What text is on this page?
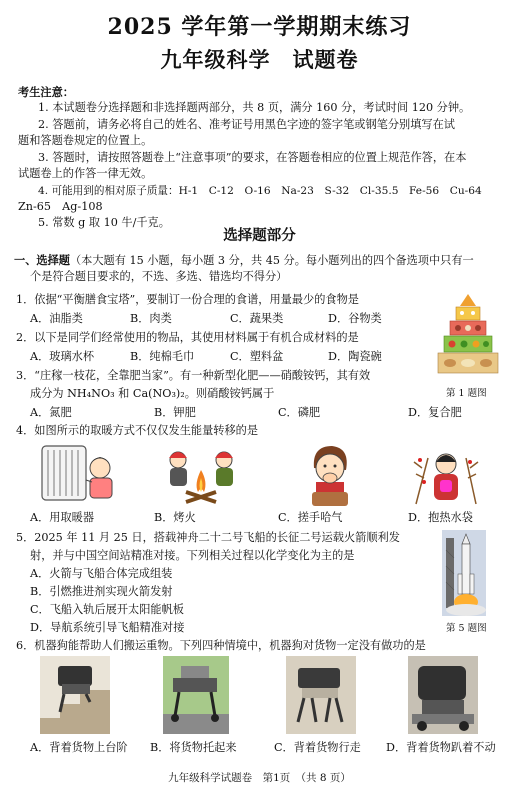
2025 学年第一学期期末练习
九年级科学　试题卷
考生注意：
1. 本试题卷分选择题和非选择题两部分，共 8 页，满分 160 分，考试时间 120 分钟。
2. 答题前，请务必将自己的姓名、准考证号用黑色字迹的签字笔或钢笔分别填写在试
题和答题卷规定的位置上。
3. 答题时，请按照答题卷上“注意事项”的要求，在答题卷相应的位置上规范作答，在本
试题卷上的作答一律无效。
4. 可能用到的相对原子质量：H-1　C-12　O-16　Na-23　S-32　Cl-35.5　Fe-56　Cu-64
Zn-65　Ag-108
5. 常数 g 取 10 牛/千克。
选择题部分
一、选择题（本大题有 15 小题，每小题 3 分，共 45 分。每小题列出的四个备选项中只有一
个是符合题目要求的，不选、多选、错选均不得分）
1．依据“平衡膳食宝塔”，要制订一份合理的食谱，用量最少的食物是
A．油脂类	B．肉类	C．蔬果类	D．谷物类
第 1 题图
2．以下是同学们经常使用的物品，其使用材料属于有机合成材料的是
A．玻璃水杯	B．纯棉毛巾	C．塑料盆	D．陶瓷碗
3．“庄稼一枝花，全靠肥当家”。有一种新型化肥——硝酸铵钙，其有效
成分为 NH₄NO₃ 和 Ca(NO₃)₂。则硝酸铵钙属于
A．氮肥	B．钾肥	C．磷肥	D．复合肥
4．如图所示的取暖方式不仅仅发生能量转移的是
A．用取暖器	B．烤火	C．搓手哈气	D．抱热水袋
5．2025 年 11 月 25 日，搭载神舟二十二号飞船的长征二号运载火箭顺利发
射，并与中国空间站精准对接。下列相关过程以化学变化为主的是
A．火箭与飞船合体完成组装
B．引燃推进剂实现火箭发射
C．飞船入轨后展开太阳能帆板
D．导航系统引导飞船精准对接	第 5 题图
6．机器狗能帮助人们搬运重物。下列四种情境中，机器狗对货物一定没有做功的是
A．背着货物上台阶 B．将货物托起来	C．背着货物行走 D．背着货物趴着不动
九年级科学试题卷　第1页　（共 8 页）
